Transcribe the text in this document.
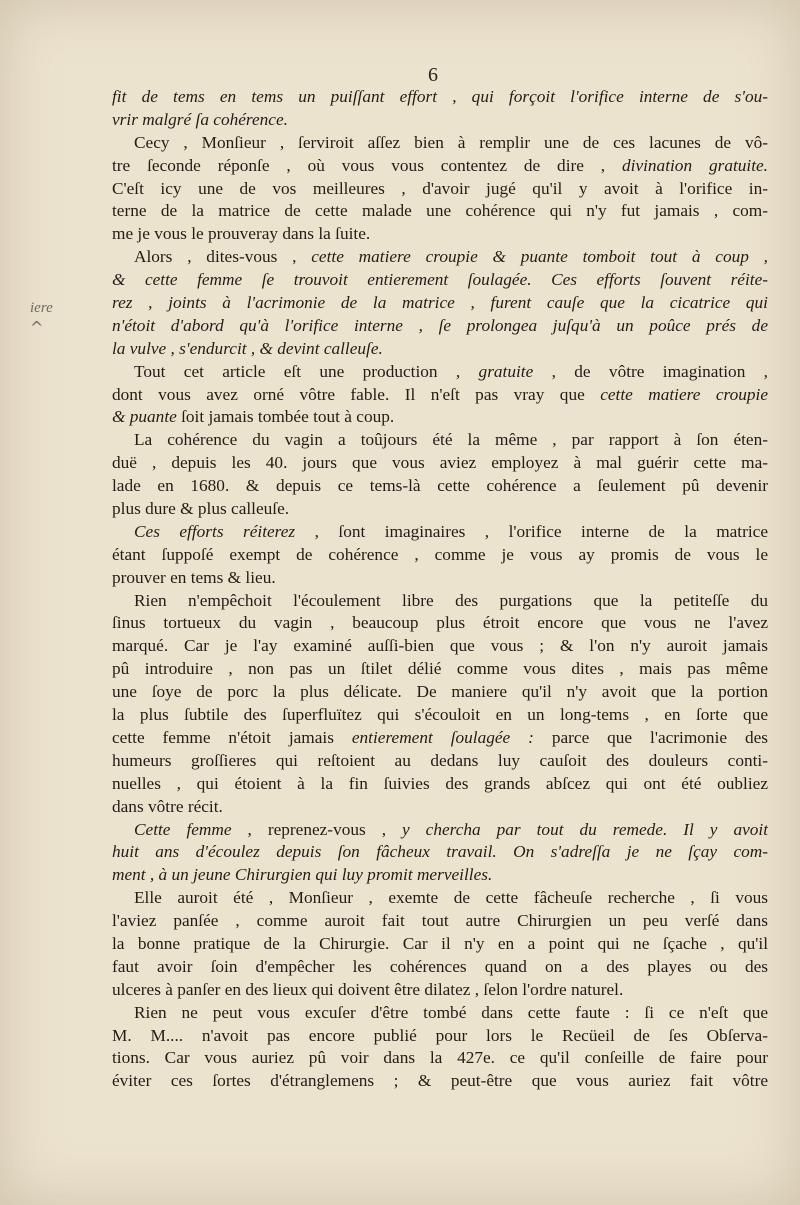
6
iere
^
fit de tems en tems un puiſſant effort , qui forçoit l'orifice interne de s'ou-
vrir malgré ſa cohérence.
Cecy , Monſieur , ſerviroit aſſez bien à remplir une de ces lacunes de vô-
tre ſeconde réponſe , où vous vous contentez de dire , divination gratuite.
C'eſt icy une de vos meilleures , d'avoir jugé qu'il y avoit à l'orifice in-
terne de la matrice de cette malade une cohérence qui n'y fut jamais , com-
me je vous le prouveray dans la ſuite.
Alors , dites-vous , cette matiere croupie & puante tomboit tout à coup ,
& cette femme ſe trouvoit entierement ſoulagée. Ces efforts ſouvent réite-
rez , joints à l'acrimonie de la matrice , furent cauſe que la cicatrice qui
n'étoit d'abord qu'à l'orifice interne , ſe prolongea juſqu'à un poûce prés de
la vulve , s'endurcit , & devint calleuſe.
Tout cet article eſt une production , gratuite , de vôtre imagination ,
dont vous avez orné vôtre fable. Il n'eſt pas vray que cette matiere croupie
& puante ſoit jamais tombée tout à coup.
La cohérence du vagin a toûjours été la même , par rapport à ſon éten-
duë , depuis les 40. jours que vous aviez employez à mal guérir cette ma-
lade en 1680. & depuis ce tems-là cette cohérence a ſeulement pû devenir
plus dure & plus calleuſe.
Ces efforts réiterez , ſont imaginaires , l'orifice interne de la matrice
étant ſuppoſé exempt de cohérence , comme je vous ay promis de vous le
prouver en tems & lieu.
Rien n'empêchoit l'écoulement libre des purgations que la petiteſſe du
ſinus tortueux du vagin , beaucoup plus étroit encore que vous ne l'avez
marqué. Car je l'ay examiné auſſi-bien que vous ; & l'on n'y auroit jamais
pû introduire , non pas un ſtilet délié comme vous dites , mais pas même
une ſoye de porc la plus délicate. De maniere qu'il n'y avoit que la portion
la plus ſubtile des ſuperfluïtez qui s'écouloit en un long-tems , en ſorte que
cette femme n'étoit jamais entierement ſoulagée : parce que l'acrimonie des
humeurs groſſieres qui reſtoient au dedans luy cauſoit des douleurs conti-
nuelles , qui étoient à la fin ſuivies des grands abſcez qui ont été oubliez
dans vôtre récit.
Cette femme , reprenez-vous , y chercha par tout du remede. Il y avoit
huit ans d'écoulez depuis ſon fâcheux travail. On s'adreſſa je ne ſçay com-
ment , à un jeune Chirurgien qui luy promit merveilles.
Elle auroit été , Monſieur , exemte de cette fâcheuſe recherche , ſi vous
l'aviez panſée , comme auroit fait tout autre Chirurgien un peu verſé dans
la bonne pratique de la Chirurgie. Car il n'y en a point qui ne ſçache , qu'il
faut avoir ſoin d'empêcher les cohérences quand on a des playes ou des
ulceres à panſer en des lieux qui doivent être dilatez , ſelon l'ordre naturel.
Rien ne peut vous excuſer d'être tombé dans cette faute : ſi ce n'eſt que
M. M.... n'avoit pas encore publié pour lors le Recüeil de ſes Obſerva-
tions. Car vous auriez pû voir dans la 427e. ce qu'il conſeille de faire pour
éviter ces ſortes d'étranglemens ; & peut-être que vous auriez fait vôtre
